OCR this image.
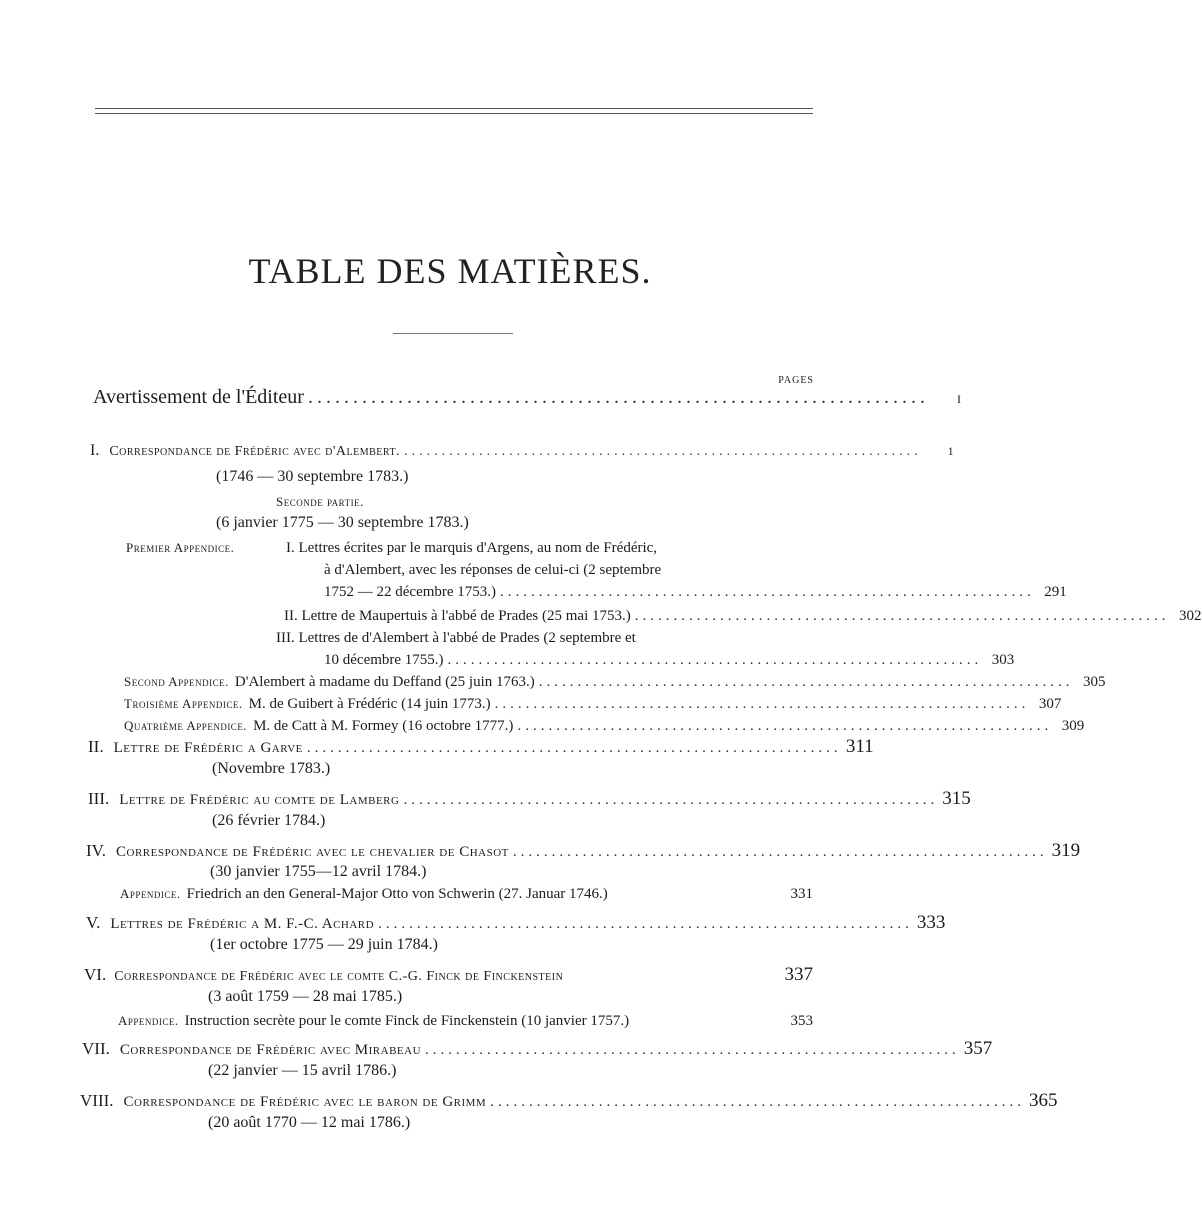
TABLE DES MATIÈRES.
PAGES
Avertissement de l'Éditeur .....................................................................	I
I. Correspondance de Frédéric avec d'Alembert. .....................................................................	1
(1746 — 30 septembre 1783.)
Seconde partie.
(6 janvier 1775 — 30 septembre 1783.)
Premier Appendice.	I. Lettres écrites par le marquis d'Argens, au nom de Frédéric,
à d'Alembert, avec les réponses de celui-ci (2 septembre
1752 — 22 décembre 1753.) ..................................................................... 291
II. Lettre de Maupertuis à l'abbé de Prades (25 mai 1753.) ..................................................................... 302
III. Lettres de d'Alembert à l'abbé de Prades (2 septembre et
10 décembre 1755.) ..................................................................... 303
Second Appendice. D'Alembert à madame du Deffand (25 juin 1763.) ..................................................................... 305
Troisième Appendice. M. de Guibert à Frédéric (14 juin 1773.) ..................................................................... 307
Quatrième Appendice. M. de Catt à M. Formey (16 octobre 1777.) ..................................................................... 309
II. Lettre de Frédéric a Garve ..................................................................... 311
(Novembre 1783.)
III. Lettre de Frédéric au comte de Lamberg ..................................................................... 315
(26 février 1784.)
IV. Correspondance de Frédéric avec le chevalier de Chasot ..................................................................... 319
(30 janvier 1755—12 avril 1784.)
Appendice. Friedrich an den General-Major Otto von Schwerin (27. Januar 1746.)	331
V. Lettres de Frédéric a M. F.-C. Achard ..................................................................... 333
(1er octobre 1775 — 29 juin 1784.)
VI. Correspondance de Frédéric avec le comte C.-G. Finck de Finckenstein	337
(3 août 1759 — 28 mai 1785.)
Appendice. Instruction secrète pour le comte Finck de Finckenstein (10 janvier 1757.)	353
VII. Correspondance de Frédéric avec Mirabeau ..................................................................... 357
(22 janvier — 15 avril 1786.)
VIII. Correspondance de Frédéric avec le baron de Grimm ..................................................................... 365
(20 août 1770 — 12 mai 1786.)
